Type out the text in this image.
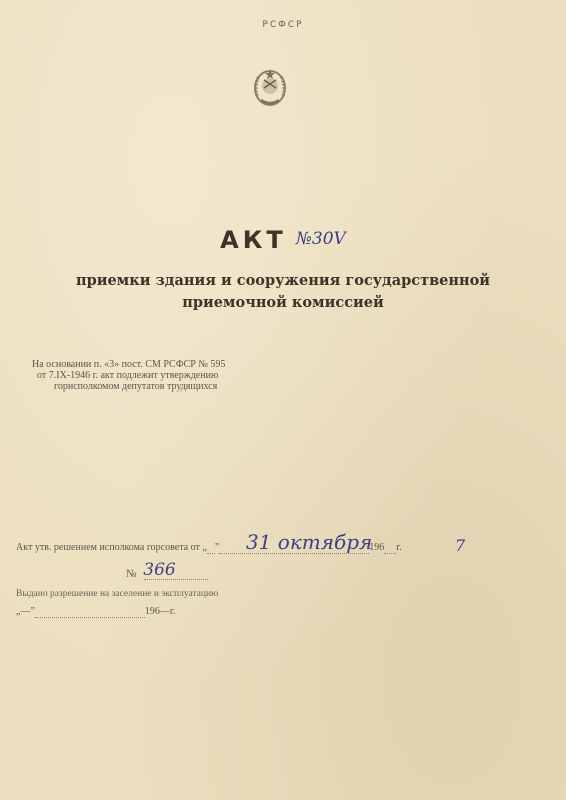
РСФСР
АКТ №30Ⅴ
приемки здания и сооружения государственной
приемочной комиссией
На основании п. «3» пост. СМ РСФСР № 595
от 7.IX-1946 г. акт подлежит утверждению
горисполкомом депутатов трудящихся
Акт утв. решением исполкома горсовета от „ ”	196 г.
31 октября	7
№ 366
Выдано разрешение на заселение и эксплуатацию
„—”	196—г.
